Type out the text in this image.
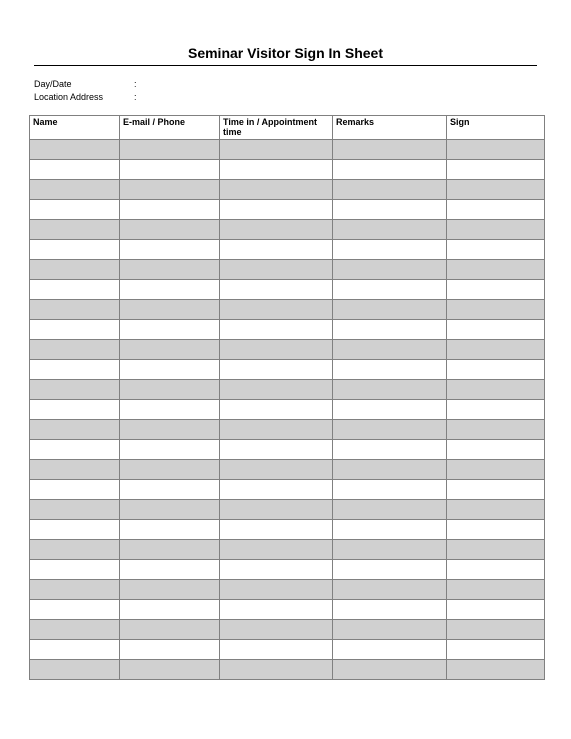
Seminar Visitor Sign In Sheet
Day/Date	:
Location Address	:
Name	E-mail / Phone	Time in / Appointment time	Remarks	Sign
